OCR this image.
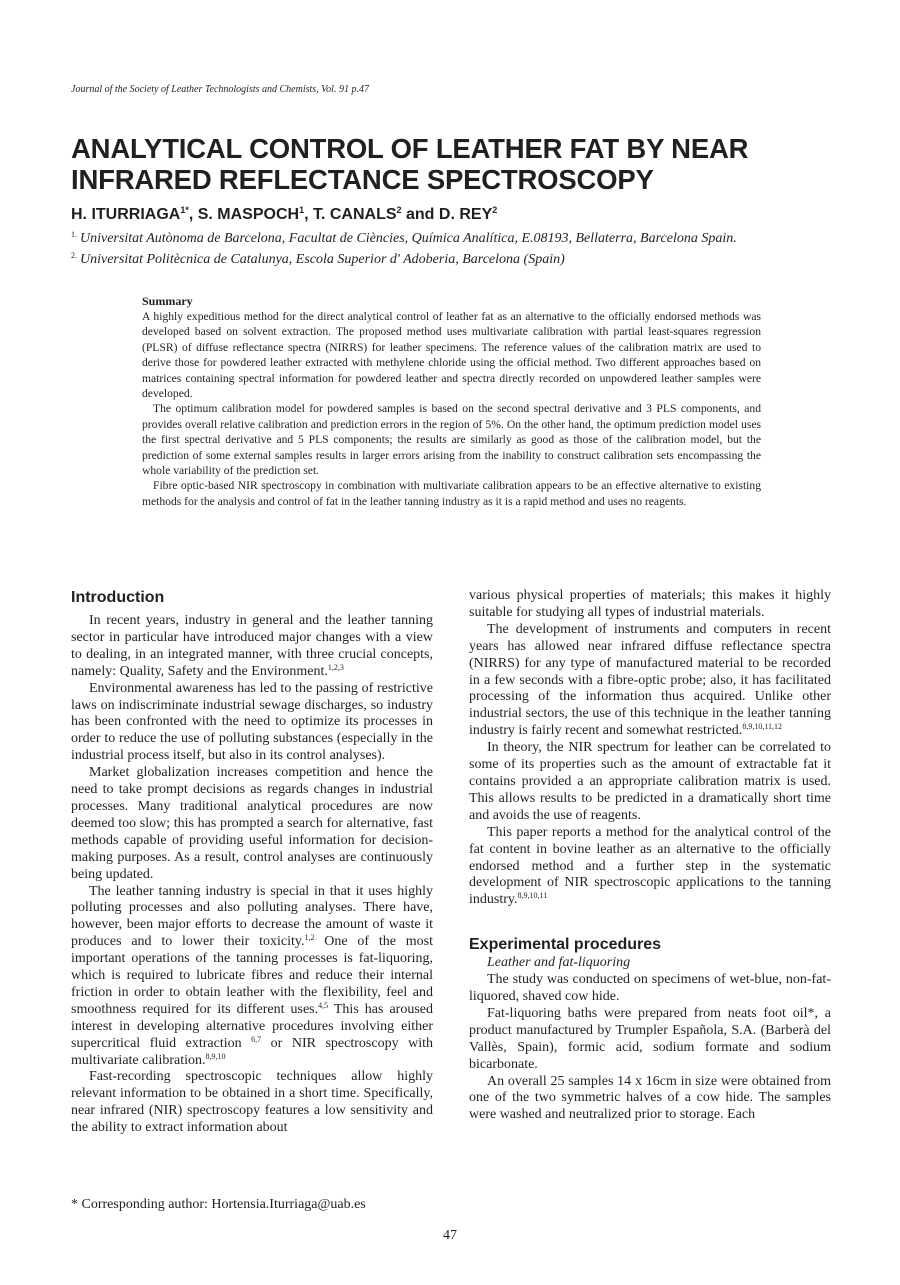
Journal of the Society of Leather Technologists and Chemists, Vol. 91 p.47
ANALYTICAL CONTROL OF LEATHER FAT BY NEAR
INFRARED REFLECTANCE SPECTROSCOPY
H. $ITURRIAGA^{1*}$, S. MASPOCH$^1$, T. CANALS$^2$ and D. REY$^2$
$^{1.}$ Universitat Autònoma de Barcelona, Facultat de Ciències, Química Analítica, E.08193, Bellaterra, Barcelona Spain.
$^{2.}$ Universitat Politècnica de Catalunya, Escola Superior d' Adoberia, Barcelona (Spain)
Summary

A highly expeditious method for the direct analytical control of leather fat as an alternative to the officially endorsed methods was developed based on solvent extraction. The proposed method uses multivariate calibration with partial least-squares regression (PLSR) of diffuse reflectance spectra (NIRRS) for leather specimens. The reference values of the calibration matrix are used to derive those for powdered leather extracted with methylene chloride using the official method. Two different approaches based on matrices containing spectral information for powdered leather and spectra directly recorded on unpowdered leather samples were developed.

The optimum calibration model for powdered samples is based on the second spectral derivative and 3 PLS components, and provides overall relative calibration and prediction errors in the region of 5%. On the other hand, the optimum prediction model uses the first spectral derivative and 5 PLS components; the results are similarly as good as those of the calibration model, but the prediction of some external samples results in larger errors arising from the inability to construct calibration sets encompassing the whole variability of the prediction set.

Fibre optic-based NIR spectroscopy in combination with multivariate calibration appears to be an effective alternative to existing methods for the analysis and control of fat in the leather tanning industry as it is a rapid method and uses no reagents.

Introduction

In recent years, industry in general and the leather tanning sector in particular have introduced major changes with a view to dealing, in an integrated manner, with three crucial concepts, namely: Quality, Safety and the Environment.$^{1,2,3}$

Environmental awareness has led to the passing of restrictive laws on indiscriminate industrial sewage discharges, so industry has been confronted with the need to optimize its processes in order to reduce the use of polluting substances (especially in the industrial process itself, but also in its control analyses).

Market globalization increases competition and hence the need to take prompt decisions as regards changes in industrial processes. Many traditional analytical procedures are now deemed too slow; this has prompted a search for alternative, fast methods capable of providing useful information for decision-making purposes. As a result, control analyses are continuously being updated.

The leather tanning industry is special in that it uses highly polluting processes and also polluting analyses. There have, however, been major efforts to decrease the amount of waste it produces and to lower their toxicity.$^{1,2}$ One of the most important operations of the tanning processes is fat-liquoring, which is required to lubricate fibres and reduce their internal friction in order to obtain leather with the flexibility, feel and smoothness required for its different uses.$^{4,5}$ This has aroused interest in developing alternative procedures involving either supercritical fluid extraction $^{6,7}$ or NIR spectroscopy with multivariate calibration.$^{8,9,10}$

Fast-recording spectroscopic techniques allow highly relevant information to be obtained in a short time. Specifically, near infrared (NIR) spectroscopy features a low sensitivity and the ability to extract information about

various physical properties of materials; this makes it highly suitable for studying all types of industrial materials.

The development of instruments and computers in recent years has allowed near infrared diffuse reflectance spectra (NIRRS) for any type of manufactured material to be recorded in a few seconds with a fibre-optic probe; also, it has facilitated processing of the information thus acquired. Unlike other industrial sectors, the use of this technique in the leather tanning industry is fairly recent and somewhat restricted.$^{8,9,10,11,12}$

In theory, the NIR spectrum for leather can be correlated to some of its properties such as the amount of extractable fat it contains provided a an appropriate calibration matrix is used. This allows results to be predicted in a dramatically short time and avoids the use of reagents.

This paper reports a method for the analytical control of the fat content in bovine leather as an alternative to the officially endorsed method and a further step in the systematic development of NIR spectroscopic applications to the tanning industry.$^{8,9,10,11}$

Experimental procedures

Leather and fat-liquoring

The study was conducted on specimens of wet-blue, non-fat-liquored, shaved cow hide.

Fat-liquoring baths were prepared from neats foot oil*, a product manufactured by Trumpler Española, S.A. (Barberà del Vallès, Spain), formic acid, sodium formate and sodium bicarbonate.

An overall 25 samples 14 x 16cm in size were obtained from one of the two symmetric halves of a cow hide. The samples were washed and neutralized prior to storage. Each

* Corresponding author: Hortensia.Iturriaga@uab.es
47
